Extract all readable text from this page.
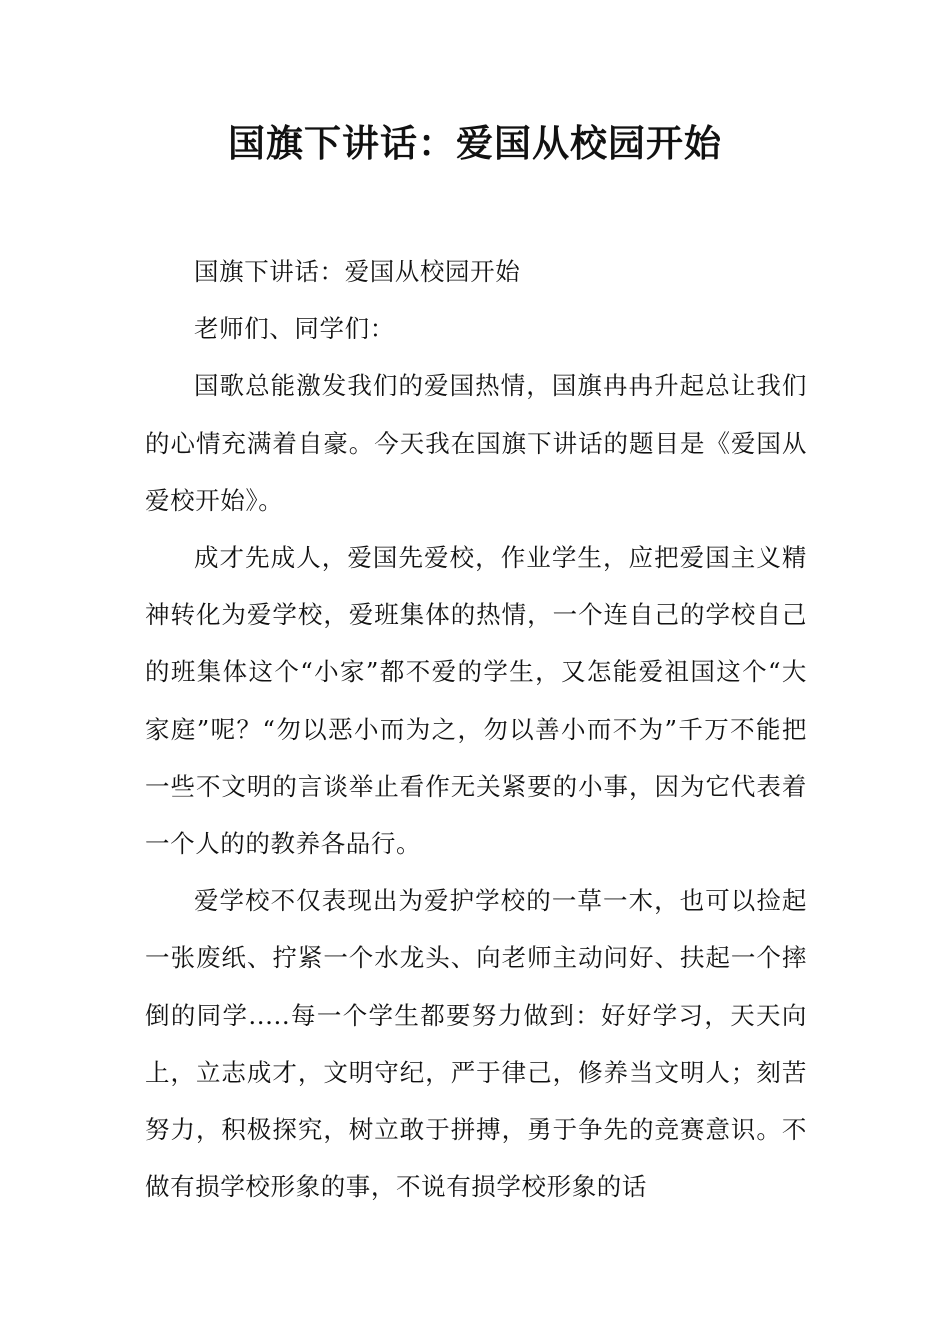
国旗下讲话：爱国从校园开始

国旗下讲话：爱国从校园开始

老师们、同学们：

国歌总能激发我们的爱国热情，国旗冉冉升起总让我们的心情充满着自豪。今天我在国旗下讲话的题目是《爱国从爱校开始》。

成才先成人，爱国先爱校，作业学生，应把爱国主义精神转化为爱学校，爱班集体的热情，一个连自己的学校自己的班集体这个“小家”都不爱的学生，又怎能爱祖国这个“大家庭”呢？“勿以恶小而为之，勿以善小而不为”千万不能把一些不文明的言谈举止看作无关紧要的小事，因为它代表着一个人的的教养各品行。

爱学校不仅表现出为爱护学校的一草一木，也可以捡起一张废纸、拧紧一个水龙头、向老师主动问好、扶起一个摔倒的同学.....每一个学生都要努力做到：好好学习，天天向上，立志成才，文明守纪，严于律己，修养当文明人；刻苦努力，积极探究，树立敢于拼搏，勇于争先的竞赛意识。不做有损学校形象的事，不说有损学校形象的话
